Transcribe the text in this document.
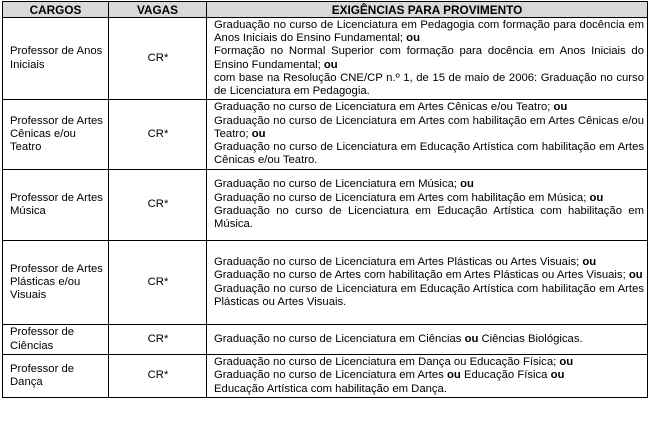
CARGOS	VAGAS	EXIGÊNCIAS PARA PROVIMENTO
Professor de Anos Iniciais	CR*	Graduação no curso de Licenciatura em Pedagogia com formação para docência em Anos Iniciais do Ensino Fundamental; ou
Formação no Normal Superior com formação para docência em Anos Iniciais do Ensino Fundamental; ou
com base na Resolução CNE/CP n.º 1, de 15 de maio de 2006: Graduação no curso de Licenciatura em Pedagogia.

Professor de Artes Cênicas e/ou Teatro	CR*	Graduação no curso de Licenciatura em Artes Cênicas e/ou Teatro; ou
Graduação no curso de Licenciatura em Artes com habilitação em Artes Cênicas e/ou Teatro; ou
Graduação no curso de Licenciatura em Educação Artística com habilitação em Artes Cênicas e/ou Teatro.

Professor de Artes Música	CR*	Graduação no curso de Licenciatura em Música; ou
Graduação no curso de Licenciatura em Artes com habilitação em Música; ou
Graduação no curso de Licenciatura em Educação Artística com habilitação em Música.

Professor de Artes Plásticas e/ou Visuais	CR*	Graduação no curso de Licenciatura em Artes Plásticas ou Artes Visuais; ou
Graduação no curso de Artes com habilitação em Artes Plásticas ou Artes Visuais; ou
Graduação no curso de Licenciatura em Educação Artística com habilitação em Artes Plásticas ou Artes Visuais.

Professor de Ciências	CR*	Graduação no curso de Licenciatura em Ciências ou Ciências Biológicas.
Professor de Dança	CR*	Graduação no curso de Licenciatura em Dança ou Educação Física; ou
Graduação no curso de Licenciatura em Artes ou Educação Física ou
Educação Artística com habilitação em Dança.
